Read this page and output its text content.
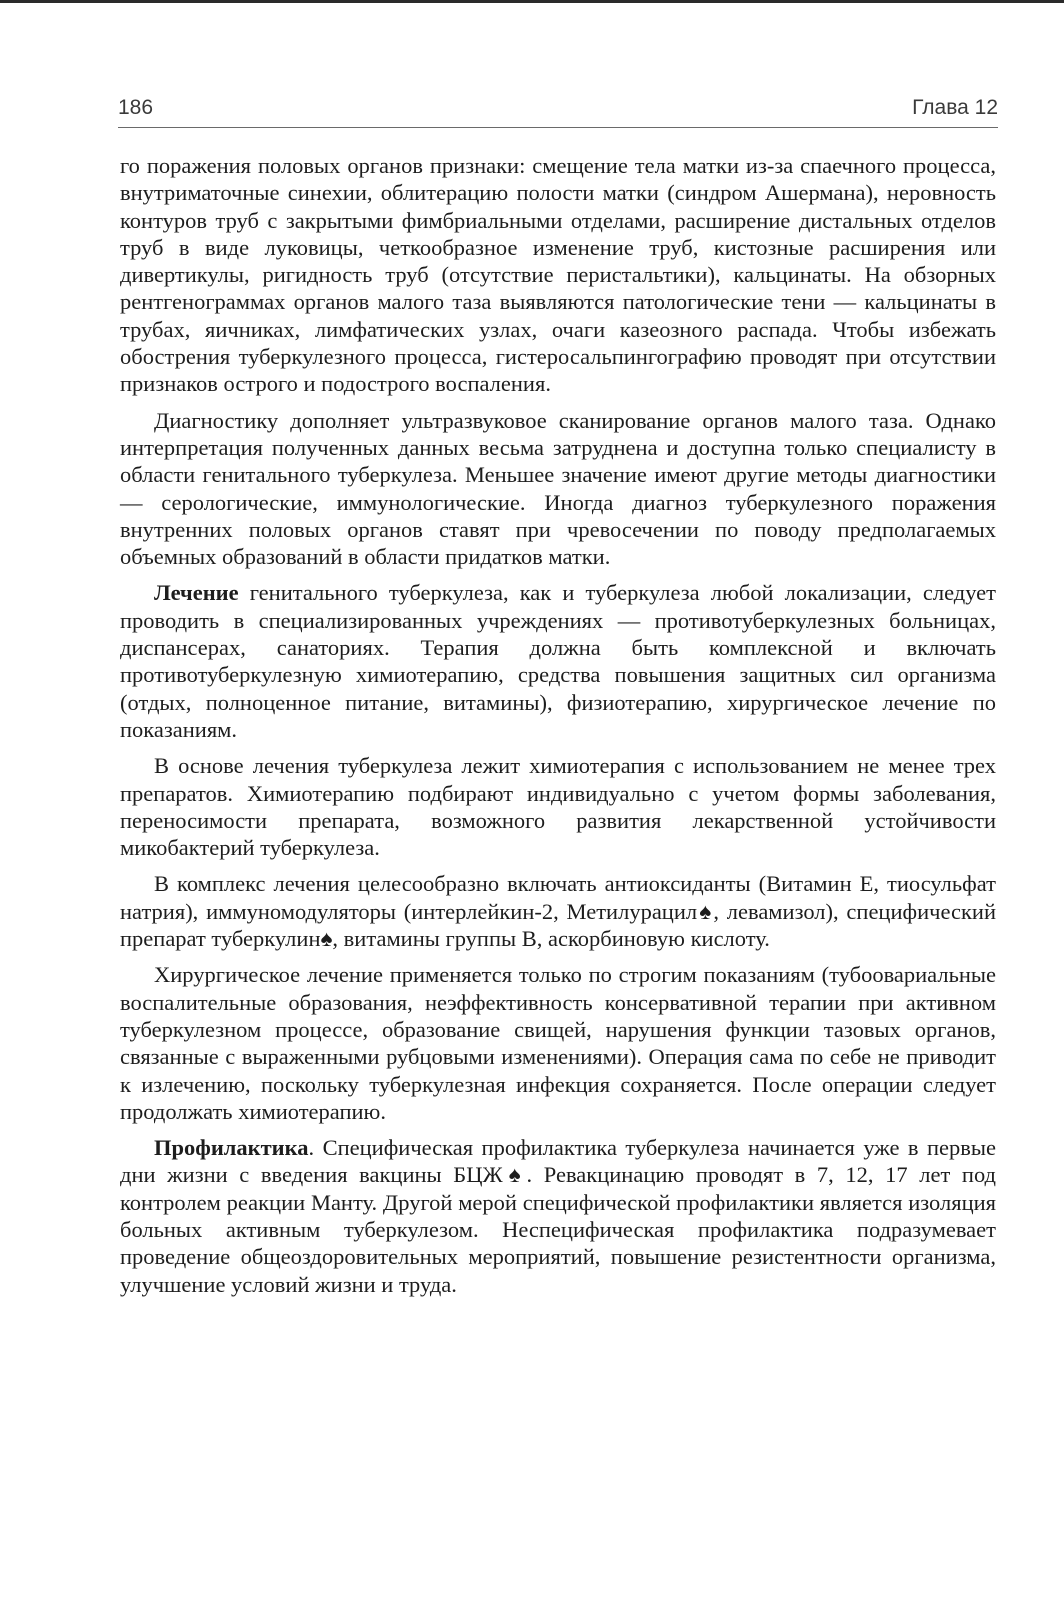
186	Глава 12

го поражения половых органов признаки: смещение тела матки из-за спаечного процесса, внутриматочные синехии, облитерацию полости матки (синдром Ашермана), неровность контуров труб с закрытыми фимбриальными отделами, расширение дистальных отделов труб в виде луковицы, четкообразное изменение труб, кистозные расширения или дивертикулы, ригидность труб (отсутствие перистальтики), кальцинаты. На обзорных рентгенограммах органов малого таза выявляются патологические тени — кальцинаты в трубах, яичниках, лимфатических узлах, очаги казеозного распада. Чтобы избежать обострения туберкулезного процесса, гистеросальпингографию проводят при отсутствии признаков острого и подострого воспаления.

Диагностику дополняет ультразвуковое сканирование органов малого таза. Однако интерпретация полученных данных весьма затруднена и доступна только специалисту в области генитального туберкулеза. Меньшее значение имеют другие методы диагностики — серологические, иммунологические. Иногда диагноз туберкулезного поражения внутренних половых органов ставят при чревосечении по поводу предполагаемых объемных образований в области придатков матки.

Лечение генитального туберкулеза, как и туберкулеза любой локализации, следует проводить в специализированных учреждениях — противотуберкулезных больницах, диспансерах, санаториях. Терапия должна быть комплексной и включать противотуберкулезную химиотерапию, средства повышения защитных сил организма (отдых, полноценное питание, витамины), физиотерапию, хирургическое лечение по показаниям.

В основе лечения туберкулеза лежит химиотерапия с использованием не менее трех препаратов. Химиотерапию подбирают индивидуально с учетом формы заболевания, переносимости препарата, возможного развития лекарственной устойчивости микобактерий туберкулеза.

В комплекс лечения целесообразно включать антиоксиданты (Витамин Е, тиосульфат натрия), иммуномодуляторы (интерлейкин-2, Метилурацил♠, левамизол), специфический препарат туберкулин♠, витамины группы В, аскорбиновую кислоту.

Хирургическое лечение применяется только по строгим показаниям (тубоовариальные воспалительные образования, неэффективность консервативной терапии при активном туберкулезном процессе, образование свищей, нарушения функции тазовых органов, связанные с выраженными рубцовыми изменениями). Операция сама по себе не приводит к излечению, поскольку туберкулезная инфекция сохраняется. После операции следует продолжать химиотерапию.

Профилактика. Специфическая профилактика туберкулеза начинается уже в первые дни жизни с введения вакцины БЦЖ♠. Ревакцинацию проводят в 7, 12, 17 лет под контролем реакции Манту. Другой мерой специфической профилактики является изоляция больных активным туберкулезом. Неспецифическая профилактика подразумевает проведение общеоздоровительных мероприятий, повышение резистентности организма, улучшение условий жизни и труда.
